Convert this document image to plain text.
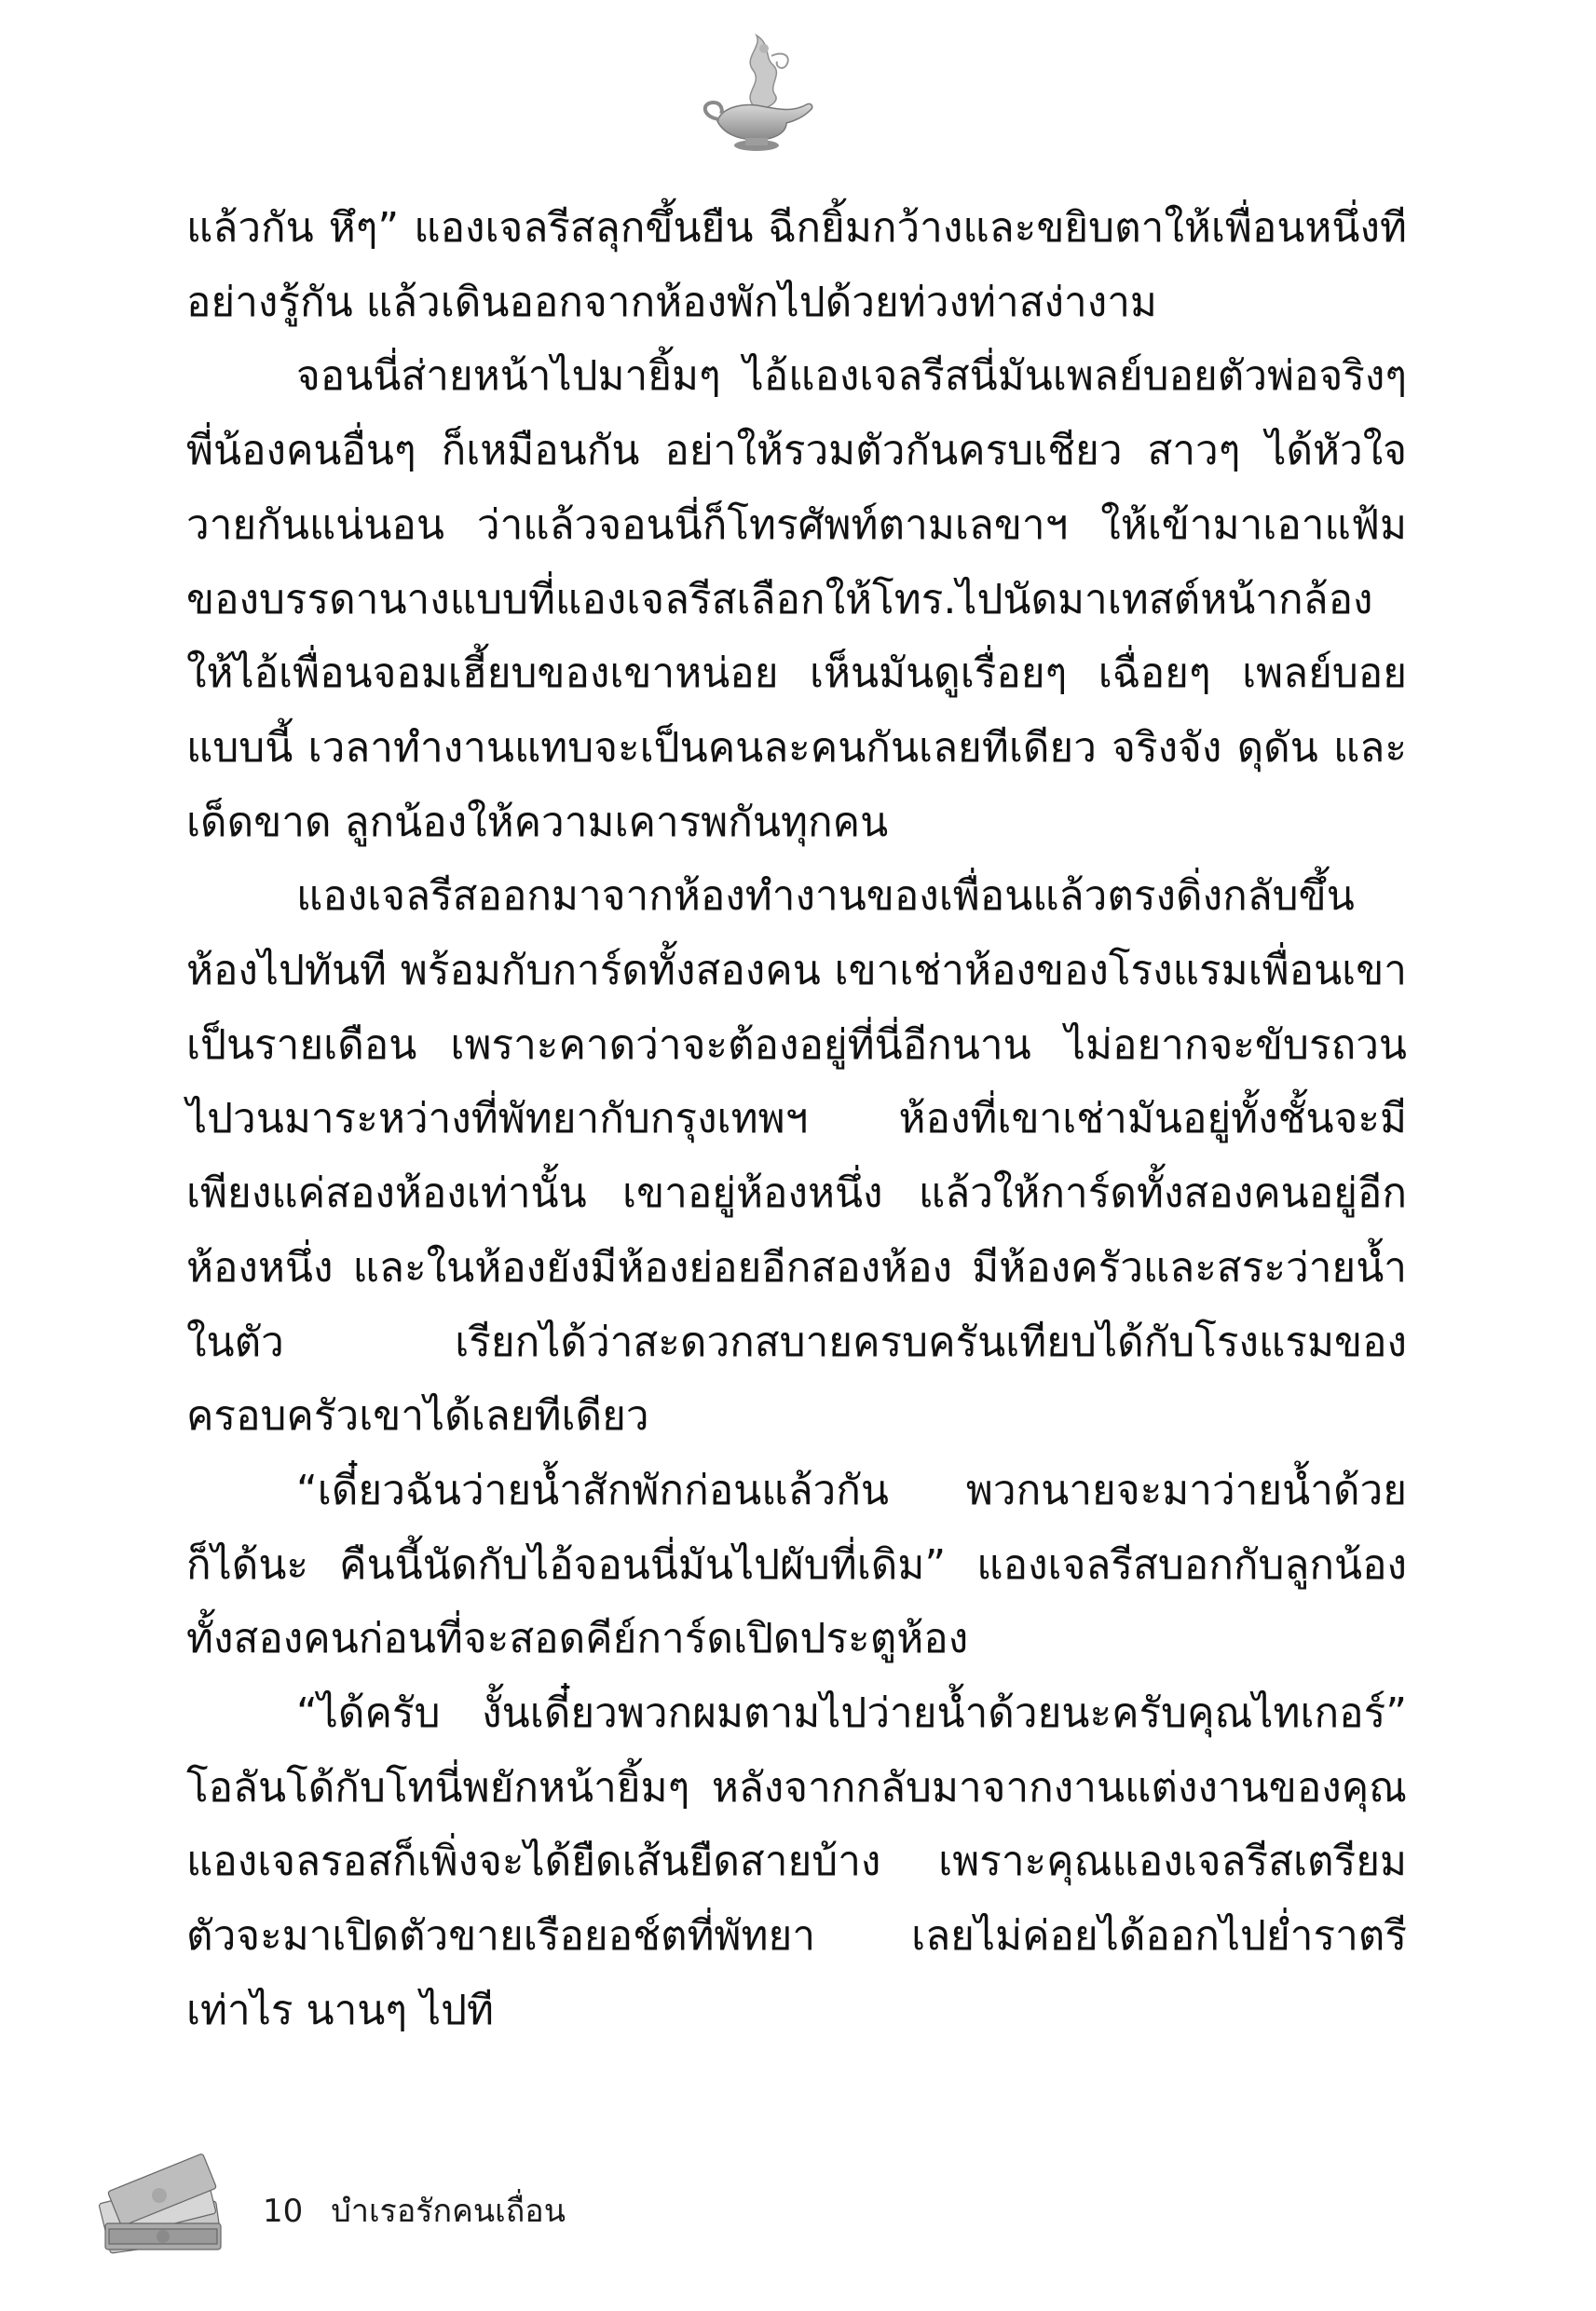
แล้วกัน หึๆ” แองเจลรีสลุกขึ้นยืน ฉีกยิ้มกว้างและขยิบตาให้เพื่อนหนึ่งทีอย่างรู้กัน แล้วเดินออกจากห้องพักไปด้วยท่วงท่าสง่างาม

จอนนี่ส่ายหน้าไปมายิ้มๆ ไอ้แองเจลรีสนี่มันเพลย์บอยตัวพ่อจริงๆ พี่น้องคนอื่นๆ ก็เหมือนกัน อย่าให้รวมตัวกันครบเชียว สาวๆ ได้หัวใจวายกันแน่นอน ว่าแล้วจอนนี่ก็โทรศัพท์ตามเลขาฯ ให้เข้ามาเอาแฟ้มของบรรดานางแบบที่แองเจลรีสเลือกให้โทร.ไปนัดมาเทสต์หน้ากล้องให้ไอ้เพื่อนจอมเฮี้ยบของเขาหน่อย เห็นมันดูเรื่อยๆ เฉื่อยๆ เพลย์บอยแบบนี้ เวลาทำงานแทบจะเป็นคนละคนกันเลยทีเดียว จริงจัง ดุดัน และเด็ดขาด ลูกน้องให้ความเคารพกันทุกคน

แองเจลรีสออกมาจากห้องทำงานของเพื่อนแล้วตรงดิ่งกลับขึ้นห้องไปทันที พร้อมกับการ์ดทั้งสองคน เขาเช่าห้องของโรงแรมเพื่อนเขาเป็นรายเดือน เพราะคาดว่าจะต้องอยู่ที่นี่อีกนาน ไม่อยากจะขับรถวนไปวนมาระหว่างที่พัทยากับกรุงเทพฯ ห้องที่เขาเช่ามันอยู่ทั้งชั้นจะมีเพียงแค่สองห้องเท่านั้น เขาอยู่ห้องหนึ่ง แล้วให้การ์ดทั้งสองคนอยู่อีกห้องหนึ่ง และในห้องยังมีห้องย่อยอีกสองห้อง มีห้องครัวและสระว่ายน้ำในตัว เรียกได้ว่าสะดวกสบายครบครันเทียบได้กับโรงแรมของครอบครัวเขาได้เลยทีเดียว

“เดี๋ยวฉันว่ายน้ำสักพักก่อนแล้วกัน พวกนายจะมาว่ายน้ำด้วยก็ได้นะ คืนนี้นัดกับไอ้จอนนี่มันไปผับที่เดิม” แองเจลรีสบอกกับลูกน้องทั้งสองคนก่อนที่จะสอดคีย์การ์ดเปิดประตูห้อง

“ได้ครับ งั้นเดี๋ยวพวกผมตามไปว่ายน้ำด้วยนะครับคุณไทเกอร์” โอลันโด้กับโทนี่พยักหน้ายิ้มๆ หลังจากกลับมาจากงานแต่งงานของคุณแองเจลรอสก็เพิ่งจะได้ยืดเส้นยืดสายบ้าง เพราะคุณแองเจลรีสเตรียมตัวจะมาเปิดตัวขายเรือยอช์ตที่พัทยา เลยไม่ค่อยได้ออกไปย่ำราตรีเท่าไร นานๆ ไปที

10 บำเรอรักคนเถื่อน
